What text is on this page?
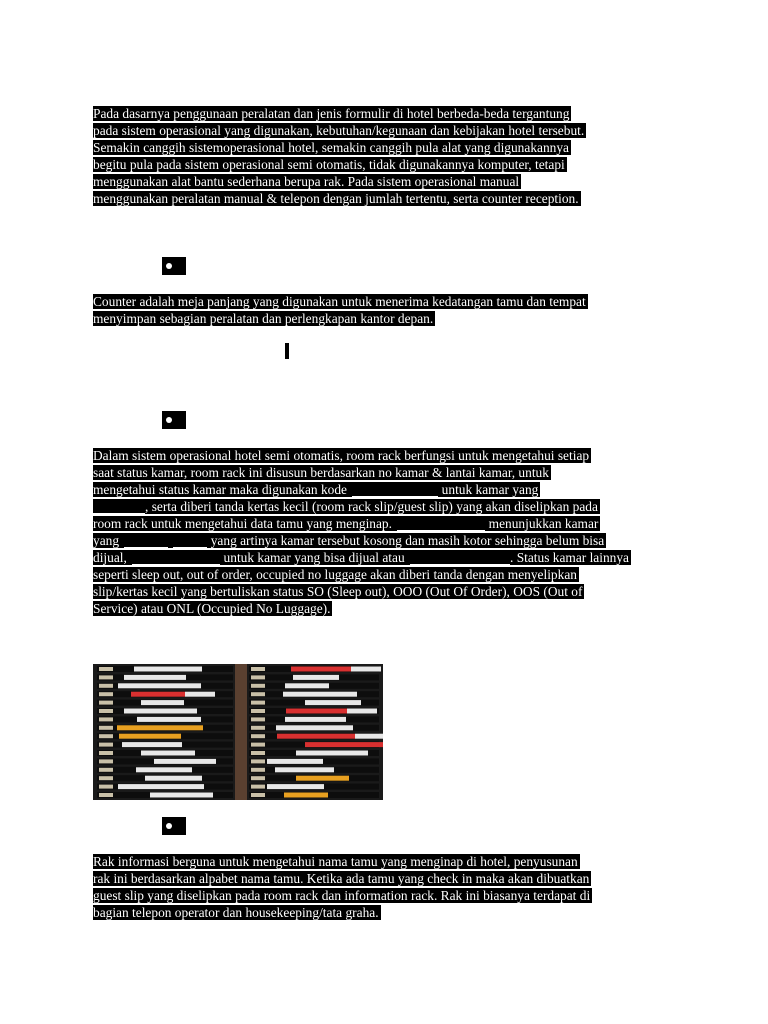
Pada dasarnya penggunaan peralatan dan jenis formulir di hotel berbeda-beda tergantung
pada sistem operasional yang digunakan, kebutuhan/kegunaan dan kebijakan hotel tersebut.
Semakin canggih sistemoperasional hotel, semakin canggih pula alat yang digunakannya
begitu pula pada sistem operasional semi otomatis, tidak digunakannya komputer, tetapi
menggunakan alat bantu sederhana berupa rak. Pada sistem operasional manual
menggunakan peralatan manual & telepon dengan jumlah tertentu, serta counter reception.
Counter adalah meja panjang yang digunakan untuk menerima kedatangan tamu dan tempat
menyimpan sebagian peralatan dan perlengkapan kantor depan.
Dalam sistem operasional hotel semi otomatis, room rack berfungsi untuk mengetahui setiap
saat status kamar, room rack ini disusun berdasarkan no kamar & lantai kamar, untuk
mengetahui status kamar maka digunakan kode	untuk kamar yang
, serta diberi tanda kertas kecil (room rack slip/guest slip) yang akan diselipkan pada
room rack untuk mengetahui data tamu yang menginap.	menunjukkan kamar
yang	yang artinya kamar tersebut kosong dan masih kotor sehingga belum bisa
dijual,	untuk kamar yang bisa dijual atau	. Status kamar lainnya
seperti sleep out, out of order, occupied no luggage akan diberi tanda dengan menyelipkan
slip/kertas kecil yang bertuliskan status SO (Sleep out), OOO (Out Of Order), OOS (Out of
Service) atau ONL (Occupied No Luggage).
Rak informasi berguna untuk mengetahui nama tamu yang menginap di hotel, penyusunan
rak ini berdasarkan alpabet nama tamu. Ketika ada tamu yang check in maka akan dibuatkan
guest slip yang diselipkan pada room rack dan information rack. Rak ini biasanya terdapat di
bagian telepon operator dan housekeeping/tata graha.
